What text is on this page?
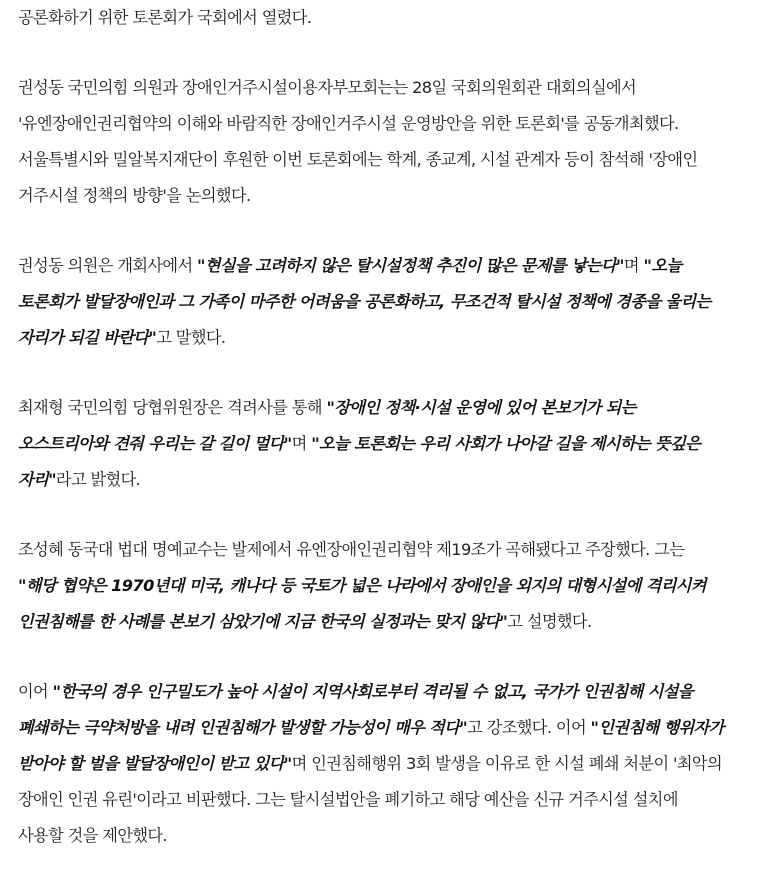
공론화하기 위한 토론회가 국회에서 열렸다.
권성동 국민의힘 의원과 장애인거주시설이용자부모회는는 28일 국회의원회관 대회의실에서
'유엔장애인권리협약의 이해와 바람직한 장애인거주시설 운영방안을 위한 토론회'를 공동개최했다.
서울특별시와 밀알복지재단이 후원한 이번 토론회에는 학계, 종교계, 시설 관계자 등이 참석해 '장애인
거주시설 정책의 방향'을 논의했다.
권성동 의원은 개회사에서 "현실을 고려하지 않은 탈시설정책 추진이 많은 문제를 낳는다"며 "오늘
토론회가 발달장애인과 그 가족이 마주한 어려움을 공론화하고, 무조건적 탈시설 정책에 경종을 울리는
자리가 되길 바란다"고 말했다.
최재형 국민의힘 당협위원장은 격려사를 통해 "장애인 정책·시설 운영에 있어 본보기가 되는
오스트리아와 견줘 우리는 갈 길이 멀다"며 "오늘 토론회는 우리 사회가 나아갈 길을 제시하는 뜻깊은
자리"라고 밝혔다.
조성혜 동국대 법대 명예교수는 발제에서 유엔장애인권리협약 제19조가 곡해됐다고 주장했다. 그는
"해당 협약은 1970년대 미국, 캐나다 등 국토가 넓은 나라에서 장애인을 외지의 대형시설에 격리시켜
인권침해를 한 사례를 본보기 삼았기에 지금 한국의 실정과는 맞지 않다"고 설명했다.
이어 "한국의 경우 인구밀도가 높아 시설이 지역사회로부터 격리될 수 없고, 국가가 인권침해 시설을
폐쇄하는 극약처방을 내려 인권침해가 발생할 가능성이 매우 적다"고 강조했다. 이어 "인권침해 행위자가
받아야 할 벌을 발달장애인이 받고 있다"며 인권침해행위 3회 발생을 이유로 한 시설 폐쇄 처분이 '최악의
장애인 인권 유린'이라고 비판했다. 그는 탈시설법안을 폐기하고 해당 예산을 신규 거주시설 설치에
사용할 것을 제안했다.
